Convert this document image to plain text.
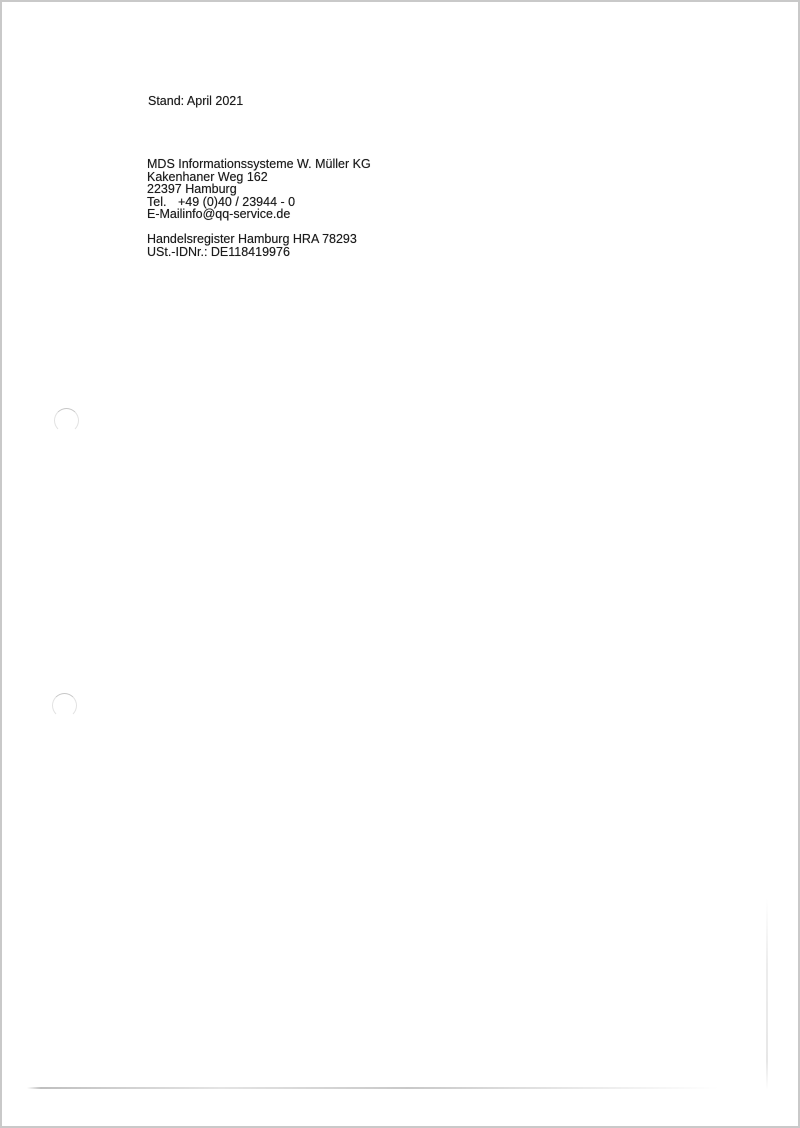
Stand: April 2021
MDS Informationssysteme W. Müller KG
Kakenhaner Weg 162
22397 Hamburg
Tel. +49 (0)40 / 23944 - 0
E-Mailinfo@qq-service.de
Handelsregister Hamburg HRA 78293
USt.-IDNr.: DE118419976
